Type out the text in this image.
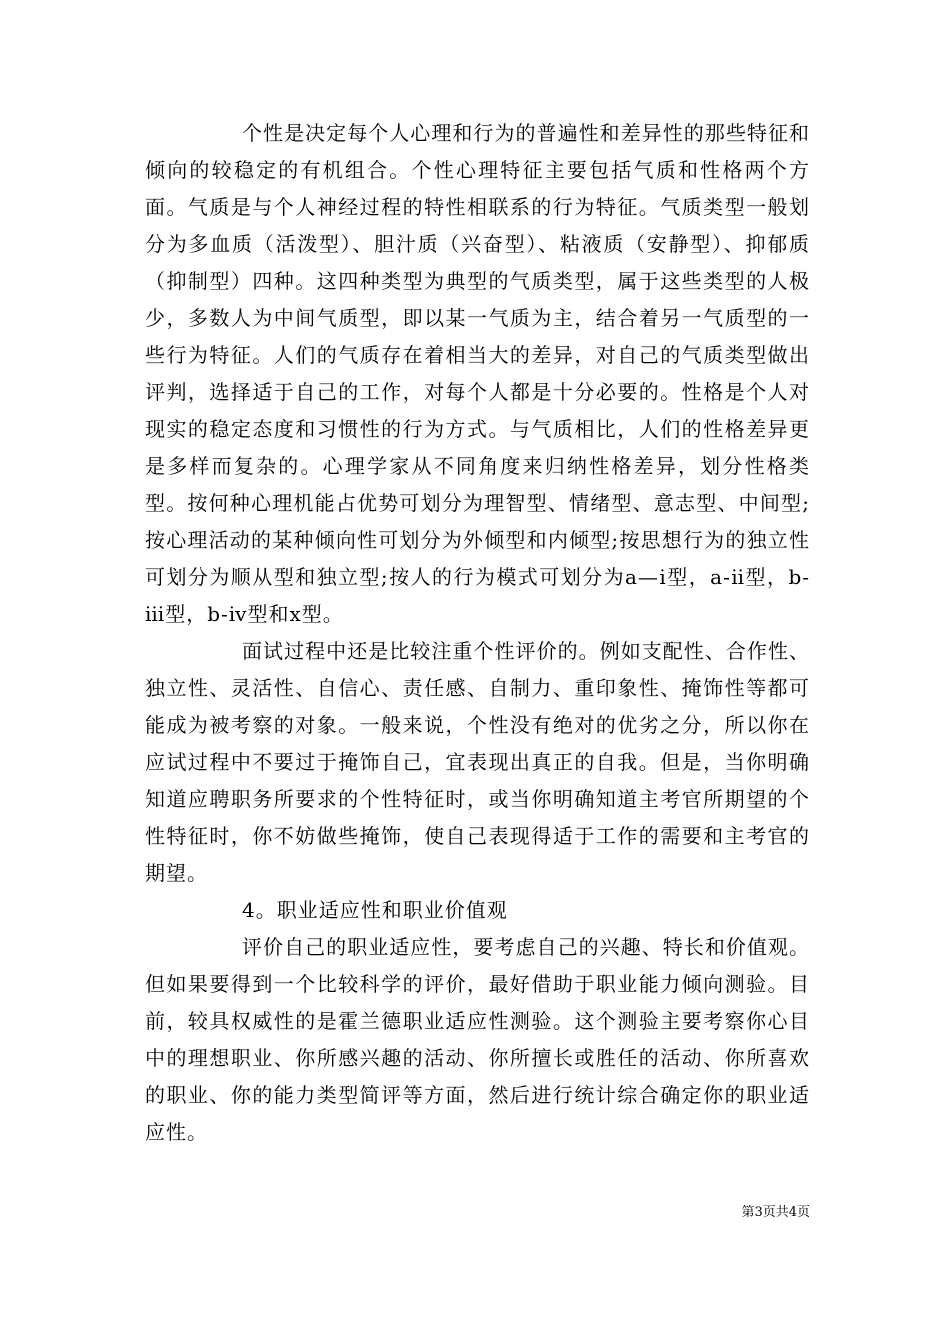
个性是决定每个人心理和行为的普遍性和差异性的那些特征和倾向的较稳定的有机组合。个性心理特征主要包括气质和性格两个方面。气质是与个人神经过程的特性相联系的行为特征。气质类型一般划分为多血质（活泼型）、胆汁质（兴奋型）、粘液质（安静型）、抑郁质（抑制型）四种。这四种类型为典型的气质类型，属于这些类型的人极少，多数人为中间气质型，即以某一气质为主，结合着另一气质型的一些行为特征。人们的气质存在着相当大的差异，对自己的气质类型做出评判，选择适于自己的工作，对每个人都是十分必要的。性格是个人对现实的稳定态度和习惯性的行为方式。与气质相比，人们的性格差异更是多样而复杂的。心理学家从不同角度来归纳性格差异，划分性格类型。按何种心理机能占优势可划分为理智型、情绪型、意志型、中间型;按心理活动的某种倾向性可划分为外倾型和内倾型;按思想行为的独立性可划分为顺从型和独立型;按人的行为模式可划分为a—ⅰ型，a-ⅱ型，b-ⅲ型，b-ⅳ型和x型。

面试过程中还是比较注重个性评价的。例如支配性、合作性、独立性、灵活性、自信心、责任感、自制力、重印象性、掩饰性等都可能成为被考察的对象。一般来说，个性没有绝对的优劣之分，所以你在应试过程中不要过于掩饰自己，宜表现出真正的自我。但是，当你明确知道应聘职务所要求的个性特征时，或当你明确知道主考官所期望的个性特征时，你不妨做些掩饰，使自己表现得适于工作的需要和主考官的期望。

4。职业适应性和职业价值观

评价自己的职业适应性，要考虑自己的兴趣、特长和价值观。但如果要得到一个比较科学的评价，最好借助于职业能力倾向测验。目前，较具权威性的是霍兰德职业适应性测验。这个测验主要考察你心目中的理想职业、你所感兴趣的活动、你所擅长或胜任的活动、你所喜欢的职业、你的能力类型简评等方面，然后进行统计综合确定你的职业适应性。

第3页共4页
